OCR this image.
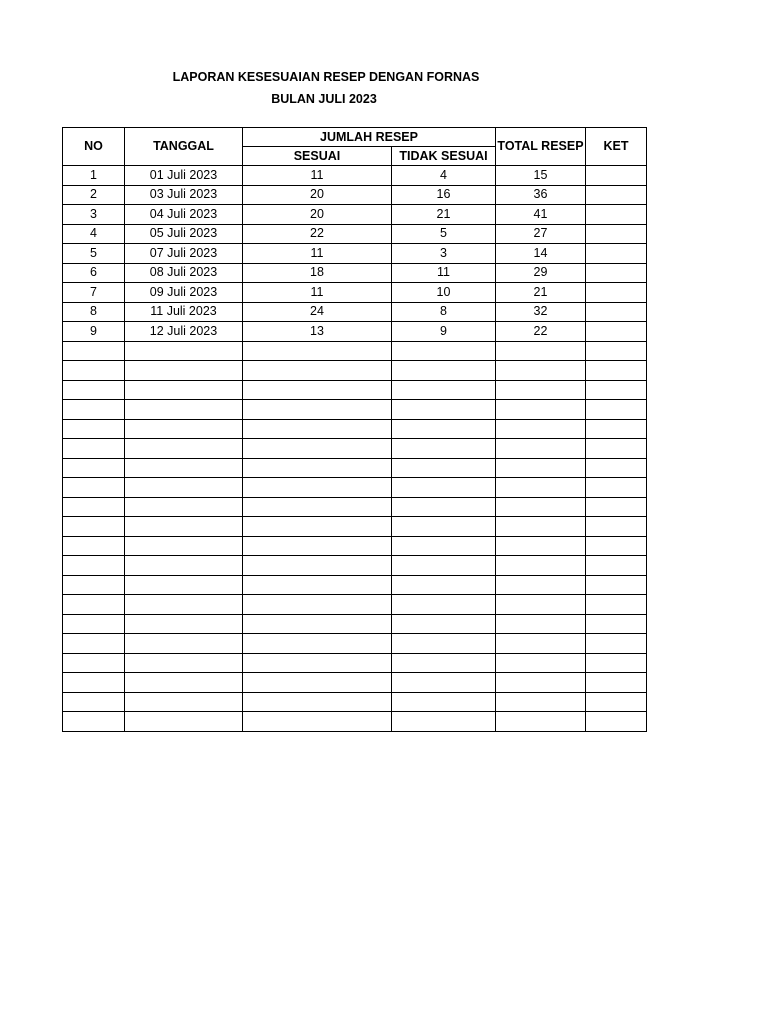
LAPORAN KESESUAIAN RESEP DENGAN FORNAS
BULAN JULI 2023
NO	TANGGAL	JUMLAH RESEP		TOTAL RESEP	KET
		SESUAI	TIDAK SESUAI		
1	01 Juli 2023	11	4	15	
2	03 Juli 2023	20	16	36	
3	04 Juli 2023	20	21	41	
4	05 Juli 2023	22	5	27	
5	07 Juli 2023	11	3	14	
6	08 Juli 2023	18	11	29	
7	09 Juli 2023	11	10	21	
8	11 Juli 2023	24	8	32	
9	12 Juli 2023	13	9	22	
